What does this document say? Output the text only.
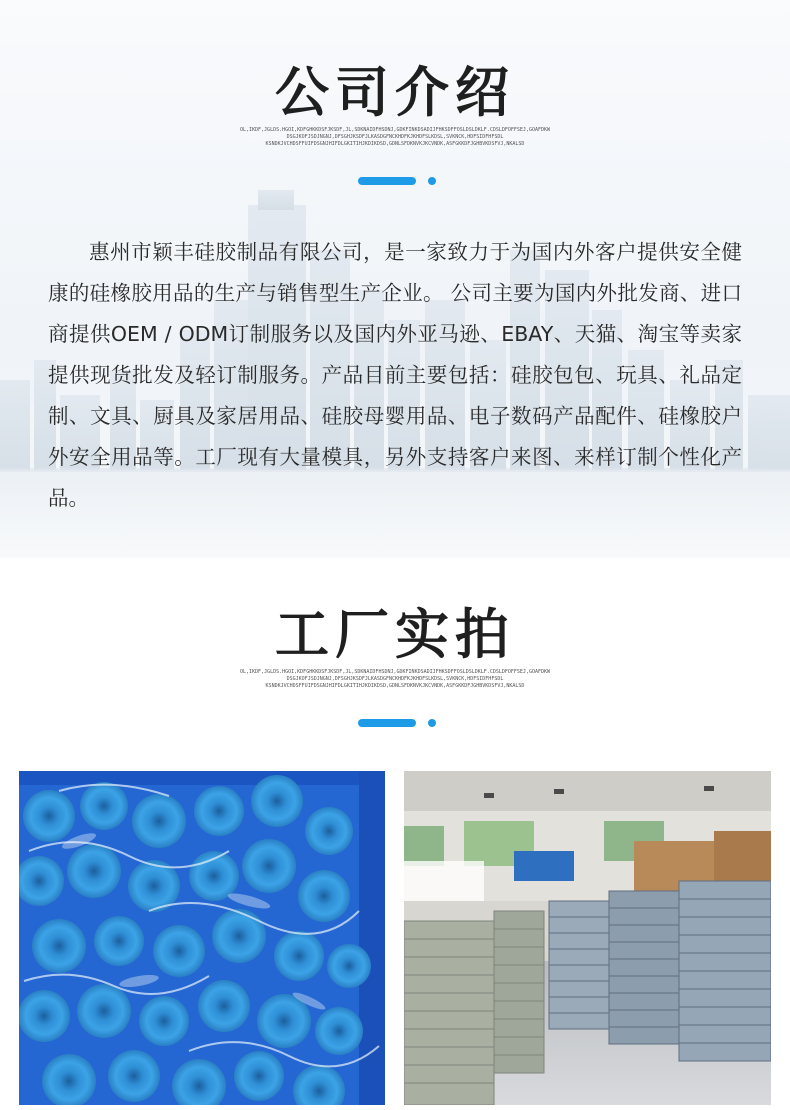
公司介绍
OL,IKDF,JGLDS.HGOI,KDFGHKKDSFJKSDF,JL,SDKNAIDFHSDNJ,GDKFINKDSADIJFHKSDFFOSLDSLDKLF.CDSLDFOFFSEJ,GOAFDKW
DSGJKOFJSDJNGNJ,DFSGHJKSDFJLKASDGFNCKHDFKJKHDFSLKDSL,SVKNCK,HDFSIDFHFSDL
KSNDKJVCHDSFFUIFDSGNJHIFDLGKITIHJKDIKDSD,GDNLSFDKNVKJKCVNDK,ASFGKKDFJGHBVKDSFVJ,NKALSD

惠州市颖丰硅胶制品有限公司，是一家致力于为国内外客户提供安全健康的硅橡胶用品的生产与销售型生产企业。 公司主要为国内外批发商、进口商提供OEM / ODM订制服务以及国内外亚马逊、EBAY、天猫、淘宝等卖家提供现货批发及轻订制服务。产品目前主要包括：硅胶包包、玩具、礼品定制、文具、厨具及家居用品、硅胶母婴用品、电子数码产品配件、硅橡胶户外安全用品等。工厂现有大量模具，另外支持客户来图、来样订制个性化产品。

工厂实拍
OL,IKDF,JGLDS.HGOI,KDFGHKKDSFJKSDF,JL,SDKNAIDFHSDNJ,GDKFINKDSADIJFHKSDFFOSLDSLDKLF.CDSLDFOFFSEJ,GOAFDKW
DSGJKOFJSDJNGNJ,DFSGHJKSDFJLKASDGFNCKHDFKJKHDFSLKDSL,SVKNCK,HDFSIDFHFSDL
KSNDKJVCHDSFFUIFDSGNJHIFDLGKITIHJKDIKDSD,GDNLSFDKNVKJKCVNDK,ASFGKKDFJGHBVKDSFVJ,NKALSD
